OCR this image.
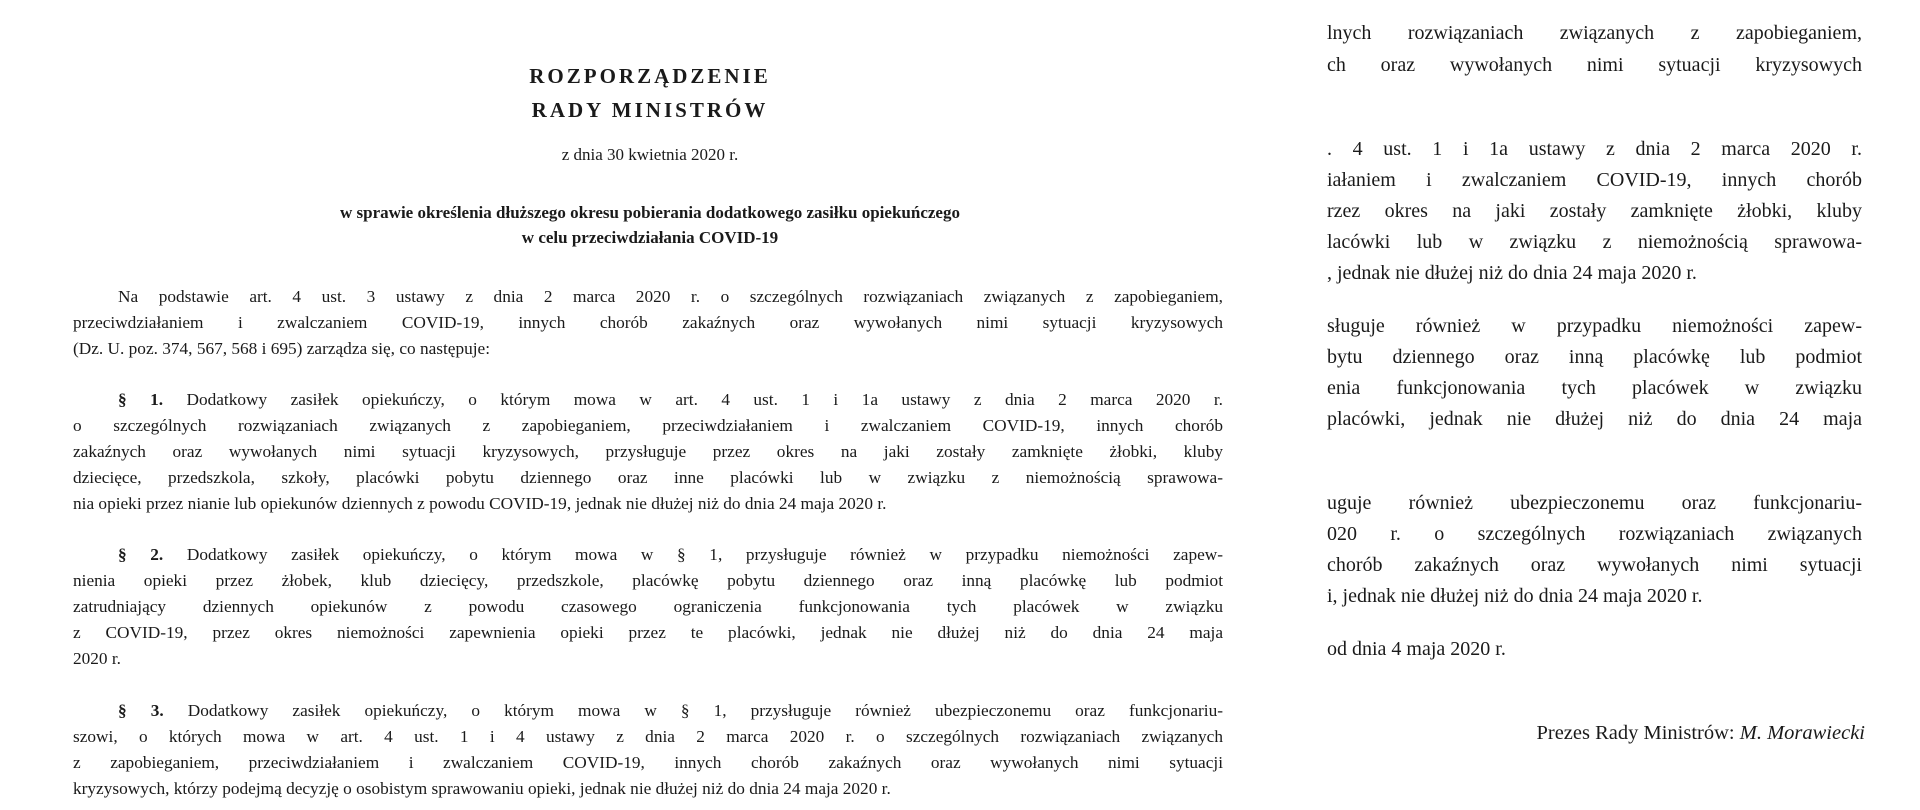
ROZPORZĄDZENIE
RADY MINISTRÓW
z dnia 30 kwietnia 2020 r.
w sprawie określenia dłuższego okresu pobierania dodatkowego zasiłku opiekuńczego
w celu przeciwdziałania COVID-19
Na podstawie art. 4 ust. 3 ustawy z dnia 2 marca 2020 r. o szczególnych rozwiązaniach związanych z zapobieganiem,
przeciwdziałaniem i zwalczaniem COVID-19, innych chorób zakaźnych oraz wywołanych nimi sytuacji kryzysowych
(Dz. U. poz. 374, 567, 568 i 695) zarządza się, co następuje:
§ 1. Dodatkowy zasiłek opiekuńczy, o którym mowa w art. 4 ust. 1 i 1a ustawy z dnia 2 marca 2020 r.
o szczególnych rozwiązaniach związanych z zapobieganiem, przeciwdziałaniem i zwalczaniem COVID-19, innych chorób
zakaźnych oraz wywołanych nimi sytuacji kryzysowych, przysługuje przez okres na jaki zostały zamknięte żłobki, kluby
dziecięce, przedszkola, szkoły, placówki pobytu dziennego oraz inne placówki lub w związku z niemożnością sprawowa-
nia opieki przez nianie lub opiekunów dziennych z powodu COVID-19, jednak nie dłużej niż do dnia 24 maja 2020 r.
§ 2. Dodatkowy zasiłek opiekuńczy, o którym mowa w § 1, przysługuje również w przypadku niemożności zapew-
nienia opieki przez żłobek, klub dziecięcy, przedszkole, placówkę pobytu dziennego oraz inną placówkę lub podmiot
zatrudniający dziennych opiekunów z powodu czasowego ograniczenia funkcjonowania tych placówek w związku
z COVID-19, przez okres niemożności zapewnienia opieki przez te placówki, jednak nie dłużej niż do dnia 24 maja
2020 r.
§ 3. Dodatkowy zasiłek opiekuńczy, o którym mowa w § 1, przysługuje również ubezpieczonemu oraz funkcjonariu-
szowi, o których mowa w art. 4 ust. 1 i 4 ustawy z dnia 2 marca 2020 r. o szczególnych rozwiązaniach związanych
z zapobieganiem, przeciwdziałaniem i zwalczaniem COVID-19, innych chorób zakaźnych oraz wywołanych nimi sytuacji
kryzysowych, którzy podejmą decyzję o osobistym sprawowaniu opieki, jednak nie dłużej niż do dnia 24 maja 2020 r.
lnych rozwiązaniach związanych z zapobieganiem,
ch oraz wywołanych nimi sytuacji kryzysowych
. 4 ust. 1 i 1a ustawy z dnia 2 marca 2020 r.
iałaniem i zwalczaniem COVID-19, innych chorób
rzez okres na jaki zostały zamknięte żłobki, kluby
lacówki lub w związku z niemożnością sprawowa-
, jednak nie dłużej niż do dnia 24 maja 2020 r.
sługuje również w przypadku niemożności zapew-
bytu dziennego oraz inną placówkę lub podmiot
enia funkcjonowania tych placówek w związku
placówki, jednak nie dłużej niż do dnia 24 maja
uguje również ubezpieczonemu oraz funkcjonariu-
020 r. o szczególnych rozwiązaniach związanych
chorób zakaźnych oraz wywołanych nimi sytuacji
i, jednak nie dłużej niż do dnia 24 maja 2020 r.
od dnia 4 maja 2020 r.
Prezes Rady Ministrów: M. Morawiecki
